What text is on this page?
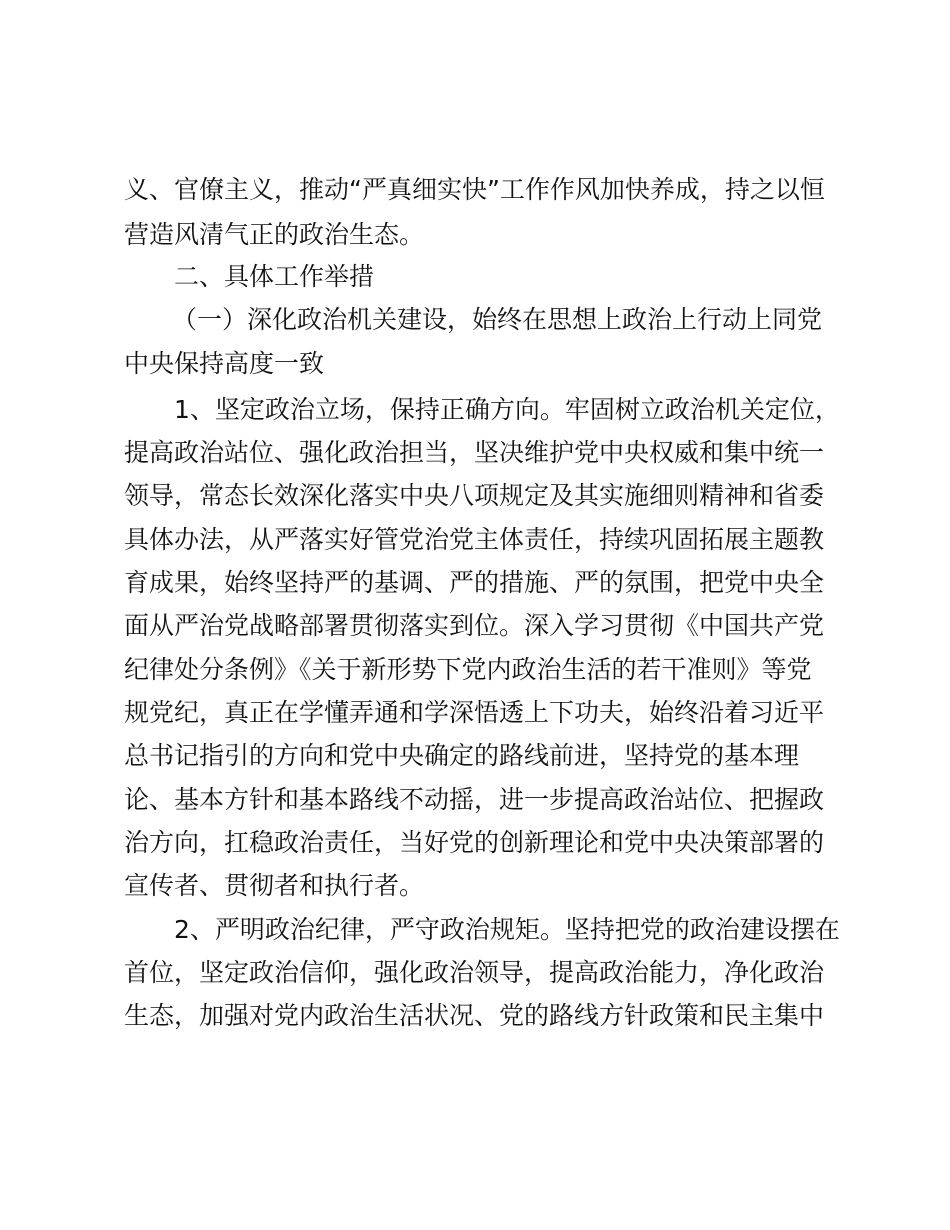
义、官僚主义，推动“严真细实快”工作作风加快养成，持之以恒
营造风清气正的政治生态。
二、具体工作举措
（一）深化政治机关建设，始终在思想上政治上行动上同党
中央保持高度一致
1、坚定政治立场，保持正确方向。牢固树立政治机关定位，
提高政治站位、强化政治担当，坚决维护党中央权威和集中统一
领导，常态长效深化落实中央八项规定及其实施细则精神和省委
具体办法，从严落实好管党治党主体责任，持续巩固拓展主题教
育成果，始终坚持严的基调、严的措施、严的氛围，把党中央全
面从严治党战略部署贯彻落实到位。深入学习贯彻《中国共产党
纪律处分条例》《关于新形势下党内政治生活的若干准则》等党
规党纪，真正在学懂弄通和学深悟透上下功夫，始终沿着习近平
总书记指引的方向和党中央确定的路线前进，坚持党的基本理
论、基本方针和基本路线不动摇，进一步提高政治站位、把握政
治方向，扛稳政治责任，当好党的创新理论和党中央决策部署的
宣传者、贯彻者和执行者。
2、严明政治纪律，严守政治规矩。坚持把党的政治建设摆在
首位，坚定政治信仰，强化政治领导，提高政治能力，净化政治
生态，加强对党内政治生活状况、党的路线方针政策和民主集中
